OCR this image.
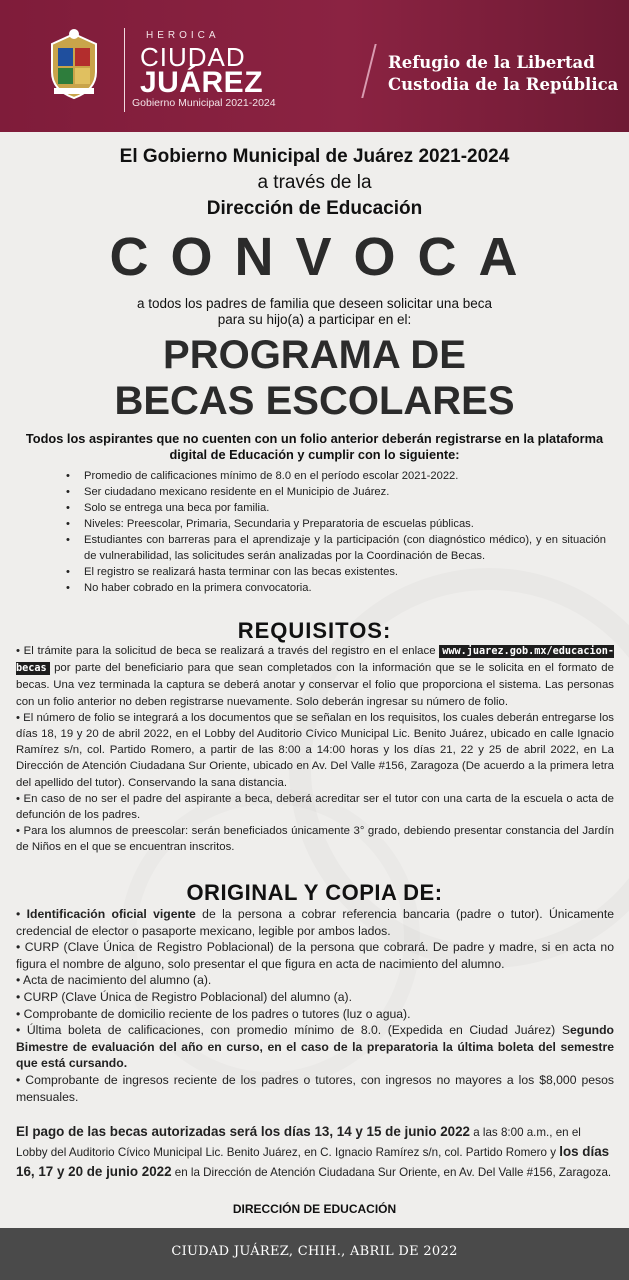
HEROICA
CIUDAD
JUÁREZ
Gobierno Municipal 2021-2024
Refugio de la Libertad
Custodia de la República
El Gobierno Municipal de Juárez 2021-2024
a través de la
Dirección de Educación
CONVOCA
a todos los padres de familia que deseen solicitar una beca
para su hijo(a) a participar en el:
PROGRAMA DE
BECAS ESCOLARES
Todos los aspirantes que no cuenten con un folio anterior deberán registrarse en la plataforma digital de Educación y cumplir con lo siguiente:
• Promedio de calificaciones mínimo de 8.0 en el período escolar 2021-2022.
• Ser ciudadano mexicano residente en el Municipio de Juárez.
• Solo se entrega una beca por familia.
• Niveles: Preescolar, Primaria, Secundaria y Preparatoria de escuelas públicas.
• Estudiantes con barreras para el aprendizaje y la participación (con diagnóstico médico), y en situación de vulnerabilidad, las solicitudes serán analizadas por la Coordinación de Becas.
• El registro se realizará hasta terminar con las becas existentes.
• No haber cobrado en la primera convocatoria.
REQUISITOS:

• El trámite para la solicitud de beca se realizará a través del registro en el enlace www.juarez.gob.mx/educacion-becas por parte del beneficiario para que sean completados con la información que se le solicita en el formato de becas. Una vez terminada la captura se deberá anotar y conservar el folio que proporciona el sistema. Las personas con un folio anterior no deben registrarse nuevamente. Solo deberán ingresar su número de folio.

• El número de folio se integrará a los documentos que se señalan en los requisitos, los cuales deberán entregarse los días 18, 19 y 20 de abril 2022, en el Lobby del Auditorio Cívico Municipal Lic. Benito Juárez, ubicado en calle Ignacio Ramírez s/n, col. Partido Romero, a partir de las 8:00 a 14:00 horas y los días 21, 22 y 25 de abril 2022, en La Dirección de Atención Ciudadana Sur Oriente, ubicado en Av. Del Valle #156, Zaragoza (De acuerdo a la primera letra del apellido del tutor). Conservando la sana distancia.

• En caso de no ser el padre del aspirante a beca, deberá acreditar ser el tutor con una carta de la escuela o acta de defunción de los padres.

• Para los alumnos de preescolar: serán beneficiados únicamente 3° grado, debiendo presentar constancia del Jardín de Niños en el que se encuentran inscritos.

ORIGINAL Y COPIA DE:

• Identificación oficial vigente de la persona a cobrar referencia bancaria (padre o tutor). Únicamente credencial de elector o pasaporte mexicano, legible por ambos lados.

• CURP (Clave Única de Registro Poblacional) de la persona que cobrará. De padre y madre, si en acta no figura el nombre de alguno, solo presentar el que figura en acta de nacimiento del alumno.

• Acta de nacimiento del alumno (a).

• CURP (Clave Única de Registro Poblacional) del alumno (a).

• Comprobante de domicilio reciente de los padres o tutores (luz o agua).

• Última boleta de calificaciones, con promedio mínimo de 8.0. (Expedida en Ciudad Juárez) Segundo Bimestre de evaluación del año en curso, en el caso de la preparatoria la última boleta del semestre que está cursando.

• Comprobante de ingresos reciente de los padres o tutores, con ingresos no mayores a los $8,000 pesos mensuales.

El pago de las becas autorizadas será los días 13, 14 y 15 de junio 2022 a las 8:00 a.m., en el Lobby del Auditorio Cívico Municipal Lic. Benito Juárez, en C. Ignacio Ramírez s/n, col. Partido Romero y los días 16, 17 y 20 de junio 2022 en la Dirección de Atención Ciudadana Sur Oriente, en Av. Del Valle #156, Zaragoza.
DIRECCIÓN DE EDUCACIÓN
CIUDAD JUÁREZ, CHIH., ABRIL DE 2022
